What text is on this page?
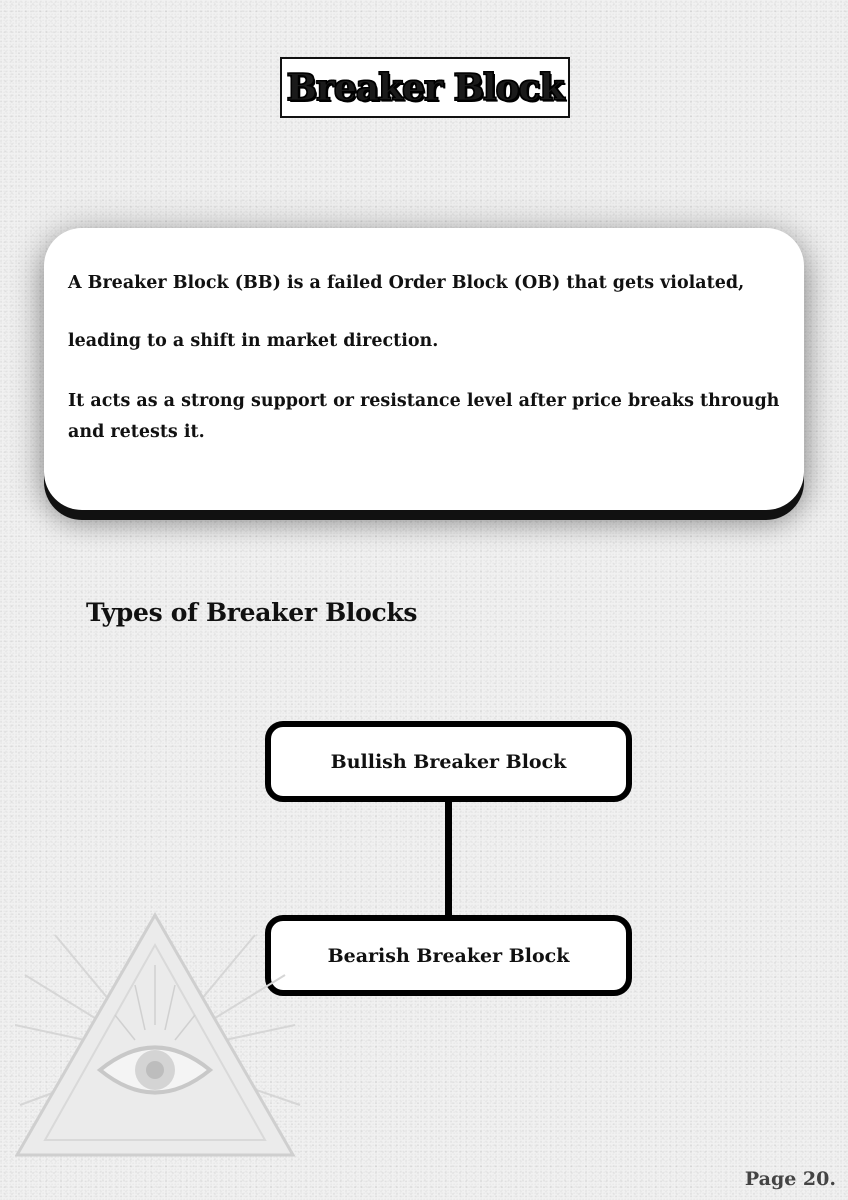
Breaker Block

A Breaker Block (BB) is a failed Order Block (OB) that gets violated,

leading to a shift in market direction.

It acts as a strong support or resistance level after price breaks through

and retests it.

Types of Breaker Blocks
Bullish Breaker Block
Bearish Breaker Block
Page 20.
